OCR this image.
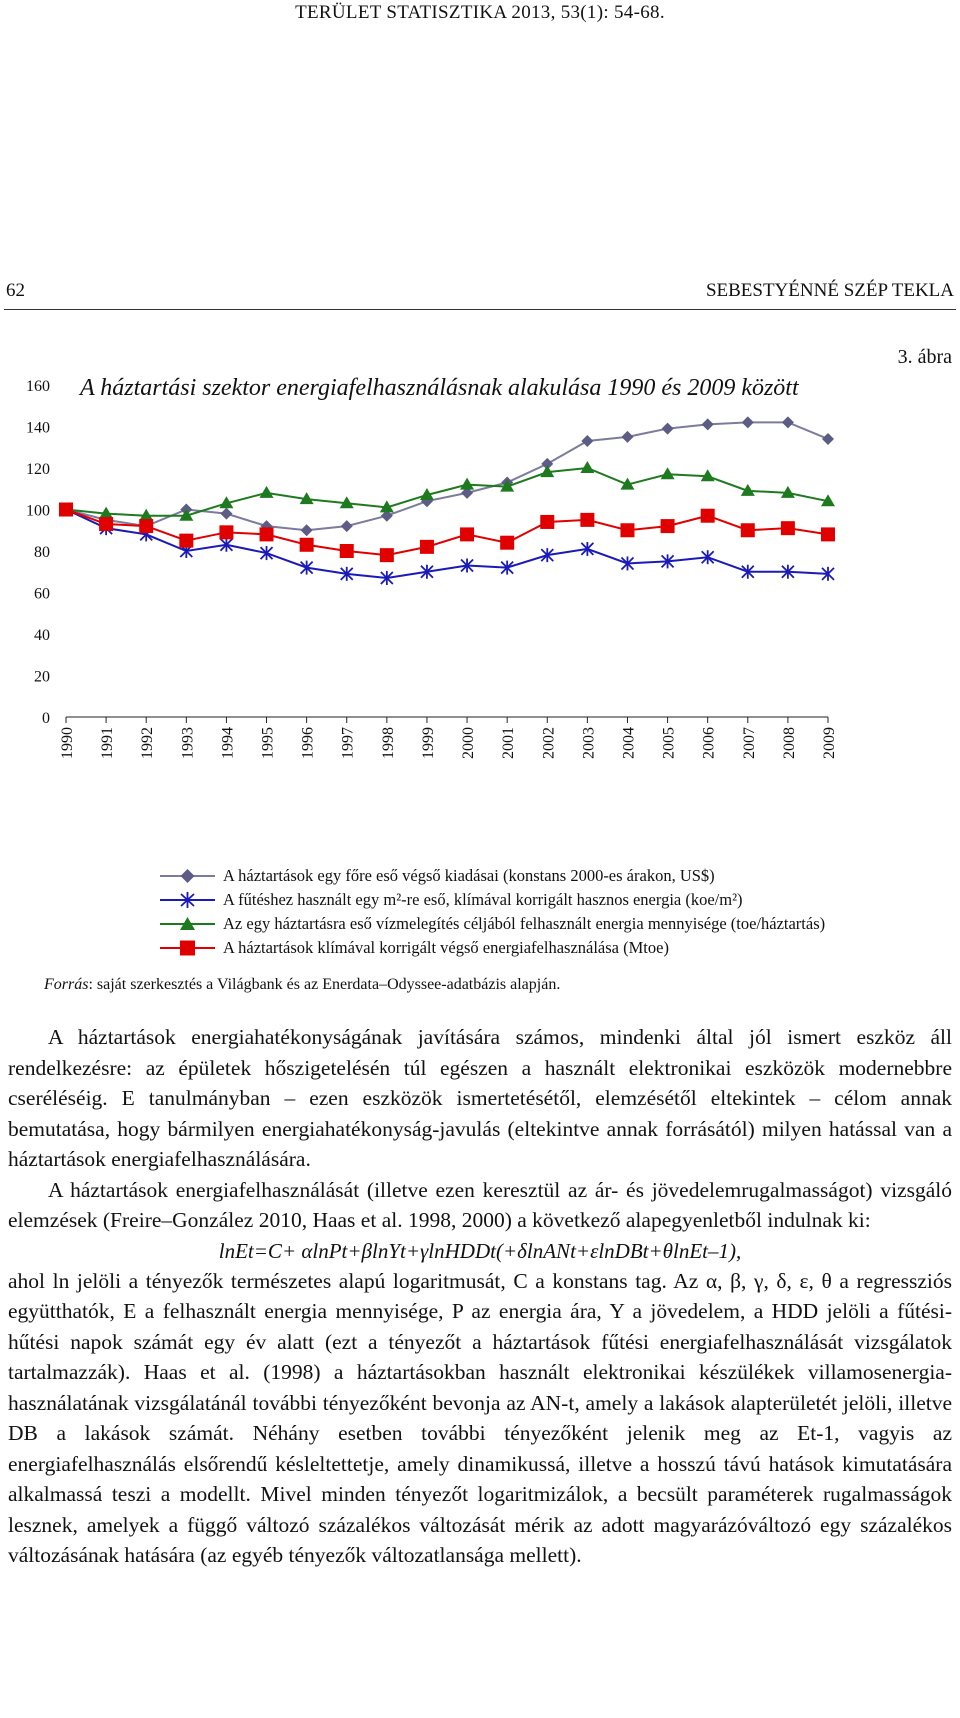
TERÜLET STATISZTIKA 2013, 53(1): 54-68.
62	SEBESTYÉNNÉ SZÉP TEKLA
3. ábra
A háztartási szektor energiafelhasználásnak alakulása 1990 és 2009 között
0
20
40
60
80
100
120
140
160
1990 1991 1992 1993 1994 1995 1996 1997 1998 1999 2000 2001 2002 2003 2004 2005 2006 2007 2008 2009
A háztartások egy főre eső végső kiadásai (konstans 2000-es árakon, US$)
A fűtéshez használt egy m²-re eső, klímával korrigált hasznos energia (koe/m²)
Az egy háztartásra eső vízmelegítés céljából felhasznált energia mennyisége (toe/háztartás)
A háztartások klímával korrigált végső energiafelhasználása (Mtoe)
Forrás: saját szerkesztés a Világbank és az Enerdata–Odyssee-adatbázis alapján.

A háztartások energiahatékonyságának javítására számos, mindenki által jól ismert eszköz áll rendelkezésre: az épületek hőszigetelésén túl egészen a használt elektronikai eszközök modernebbre cseréléséig. E tanulmányban – ezen eszközök ismertetésétől, elemzésétől eltekintek – célom annak bemutatása, hogy bármilyen energiahatékonyság-javulás (eltekintve annak forrásától) milyen hatással van a háztartások energiafelhasználására.

A háztartások energiafelhasználását (illetve ezen keresztül az ár- és jövedelemrugalmasságot) vizsgáló elemzések (Freire–González 2010, Haas et al. 1998, 2000) a következő alapegyenletből indulnak ki:

lnEt=C+ αlnPt+βlnYt+γlnHDDt(+δlnANt+εlnDBt+θlnEt–1),

ahol ln jelöli a tényezők természetes alapú logaritmusát, C a konstans tag. Az α, β, γ, δ, ε, θ a regressziós együtthatók, E a felhasznált energia mennyisége, P az energia ára, Y a jövedelem, a HDD jelöli a fűtési-hűtési napok számát egy év alatt (ezt a tényezőt a háztartások fűtési energiafelhasználását vizsgálatok tartalmazzák). Haas et al. (1998) a háztartásokban használt elektronikai készülékek villamosenergia-használatának vizsgálatánál további tényezőként bevonja az AN-t, amely a lakások alapterületét jelöli, illetve DB a lakások számát. Néhány esetben további tényezőként jelenik meg az Et-1, vagyis az energiafelhasználás elsőrendű késleltettetje, amely dinamikussá, illetve a hosszú távú hatások kimutatására alkalmassá teszi a modellt. Mivel minden tényezőt logaritmizálok, a becsült paraméterek rugalmasságok lesznek, amelyek a függő változó százalékos változását mérik az adott magyarázóváltozó egy százalékos változásának hatására (az egyéb tényezők változatlansága mellett).
